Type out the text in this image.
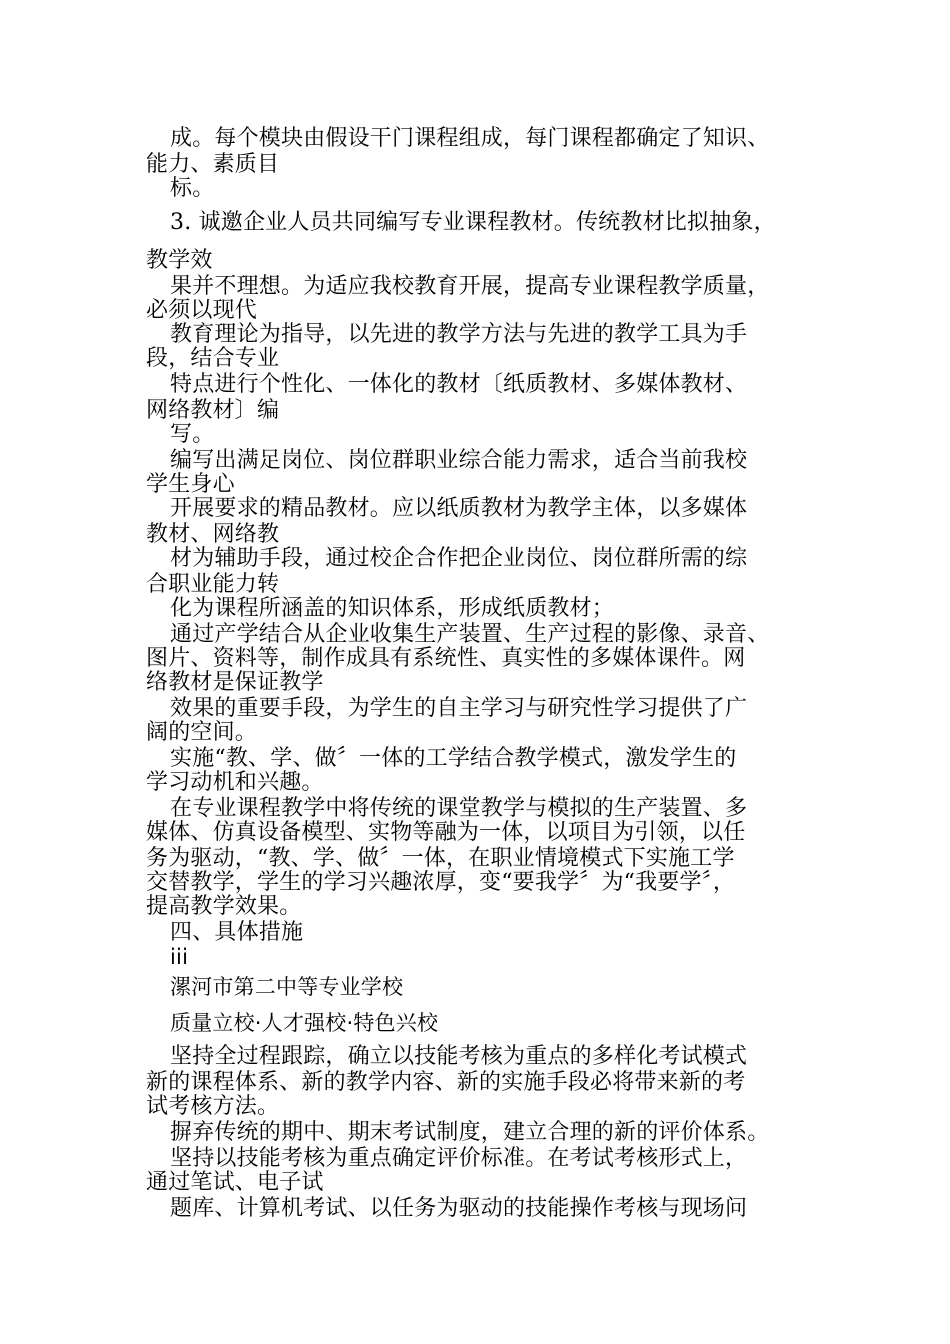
成。每个模块由假设干门课程组成，每门课程都确定了知识、
能力、素质目
标。
3. 诚邀企业人员共同编写专业课程教材。传统教材比拟抽象，
教学效
果并不理想。为适应我校教育开展，提高专业课程教学质量，
必须以现代
教育理论为指导，以先进的教学方法与先进的教学工具为手
段，结合专业
特点进行个性化、一体化的教材〔纸质教材、多媒体教材、
网络教材〕编
写。
编写出满足岗位、岗位群职业综合能力需求，适合当前我校
学生身心
开展要求的精品教材。应以纸质教材为教学主体，以多媒体
教材、网络教
材为辅助手段，通过校企合作把企业岗位、岗位群所需的综
合职业能力转
化为课程所涵盖的知识体系，形成纸质教材；
通过产学结合从企业收集生产装置、生产过程的影像、录音、
图片、资料等，制作成具有系统性、真实性的多媒体课件。网
络教材是保证教学
效果的重要手段，为学生的自主学习与研究性学习提供了广
阔的空间。
实施“教、学、做〞一体的工学结合教学模式，激发学生的
学习动机和兴趣。
在专业课程教学中将传统的课堂教学与模拟的生产装置、多
媒体、仿真设备模型、实物等融为一体，以项目为引领，以任
务为驱动，“教、学、做〞一体，在职业情境模式下实施工学
交替教学，学生的学习兴趣浓厚，变“要我学〞为“我要学〞，
提高教学效果。
四、具体措施
iii
漯河市第二中等专业学校
质量立校·人才强校·特色兴校
坚持全过程跟踪，确立以技能考核为重点的多样化考试模式
新的课程体系、新的教学内容、新的实施手段必将带来新的考
试考核方法。
摒弃传统的期中、期末考试制度，建立合理的新的评价体系。
坚持以技能考核为重点确定评价标准。在考试考核形式上，
通过笔试、电子试
题库、计算机考试、以任务为驱动的技能操作考核与现场问
